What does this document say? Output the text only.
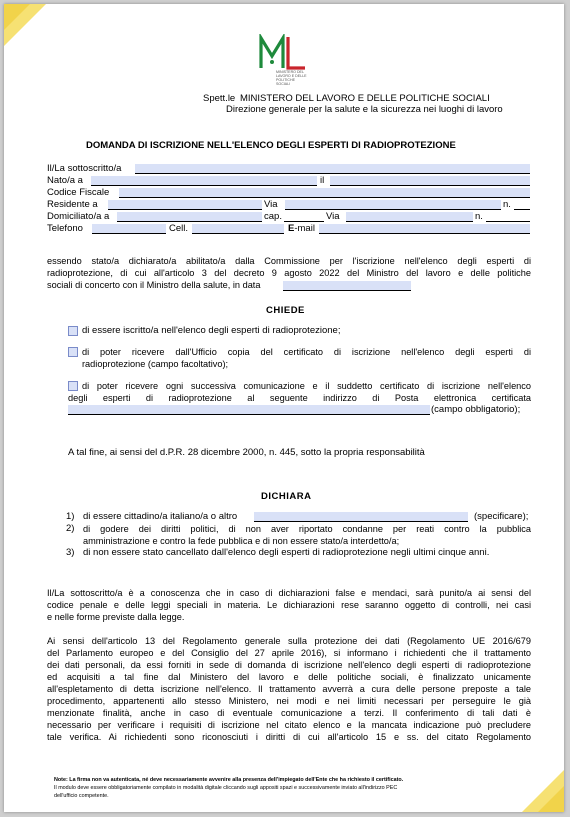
MINISTERO DEL LAVORO E DELLE POLITICHE SOCIALI
Spett.le MINISTERO DEL LAVORO E DELLE POLITICHE SOCIALI
Direzione generale per la salute e la sicurezza nei luoghi di lavoro
DOMANDA DI ISCRIZIONE NELL'ELENCO DEGLI ESPERTI DI RADIOPROTEZIONE
Il/La sottoscritto/a
Nato/a a	il
Codice Fiscale
Residente a	Via	n.
Domiciliato/a a	cap.	Via	n.
Telefono	Cell.	E-mail
essendo stato/a dichiarato/a abilitato/a dalla Commissione per l'iscrizione nell'elenco degli esperti di
radioprotezione, di cui all'articolo 3 del decreto 9 agosto 2022 del Ministro del lavoro e delle politiche
sociali di concerto con il Ministro della salute, in data
CHIEDE
di essere iscritto/a nell'elenco degli esperti di radioprotezione;
di poter ricevere dall'Ufficio copia del certificato di iscrizione nell'elenco degli esperti di
radioprotezione (campo facoltativo);
di poter ricevere ogni successiva comunicazione e il suddetto certificato di iscrizione nell'elenco
degli esperti di radioprotezione al seguente indirizzo di Posta elettronica certificata
(campo obbligatorio);
A tal fine, ai sensi del d.P.R. 28 dicembre 2000, n. 445, sotto la propria responsabilità
DICHIARA
1) di essere cittadino/a italiano/a o altro	(specificare);
2) di godere dei diritti politici, di non aver riportato condanne per reati contro la pubblica
amministrazione e contro la fede pubblica e di non essere stato/a interdetto/a;
3) di non essere stato cancellato dall'elenco degli esperti di radioprotezione negli ultimi cinque anni.
Il/La sottoscritto/a è a conoscenza che in caso di dichiarazioni false e mendaci, sarà punito/a ai sensi del
codice penale e delle leggi speciali in materia. Le dichiarazioni rese saranno oggetto di controlli, nei casi
e nelle forme previste dalla legge.
Ai sensi dell'articolo 13 del Regolamento generale sulla protezione dei dati (Regolamento UE 2016/679
del Parlamento europeo e del Consiglio del 27 aprile 2016), si informano i richiedenti che il trattamento
dei dati personali, da essi forniti in sede di domanda di iscrizione nell'elenco degli esperti di radioprotezione
ed acquisiti a tal fine dal Ministero del lavoro e delle politiche sociali, è finalizzato unicamente
all'espletamento di detta iscrizione nell'elenco. Il trattamento avverrà a cura delle persone preposte a tale
procedimento, appartenenti allo stesso Ministero, nei modi e nei limiti necessari per perseguire le già
menzionate finalità, anche in caso di eventuale comunicazione a terzi. Il conferimento di tali dati è
necessario per verificare i requisiti di iscrizione nel citato elenco e la mancata indicazione può precludere
tale verifica. Ai richiedenti sono riconosciuti i diritti di cui all'articolo 15 e ss. del citato Regolamento
Note: La firma non va autenticata, né deve necessariamente avvenire alla presenza dell'impiegato dell'Ente che ha richiesto il certificato.
Il modulo deve essere obbligatoriamente compilato in modalità digitale cliccando sugli appositi spazi e successivamente inviato all'indirizzo PEC
dell'ufficio competente.
